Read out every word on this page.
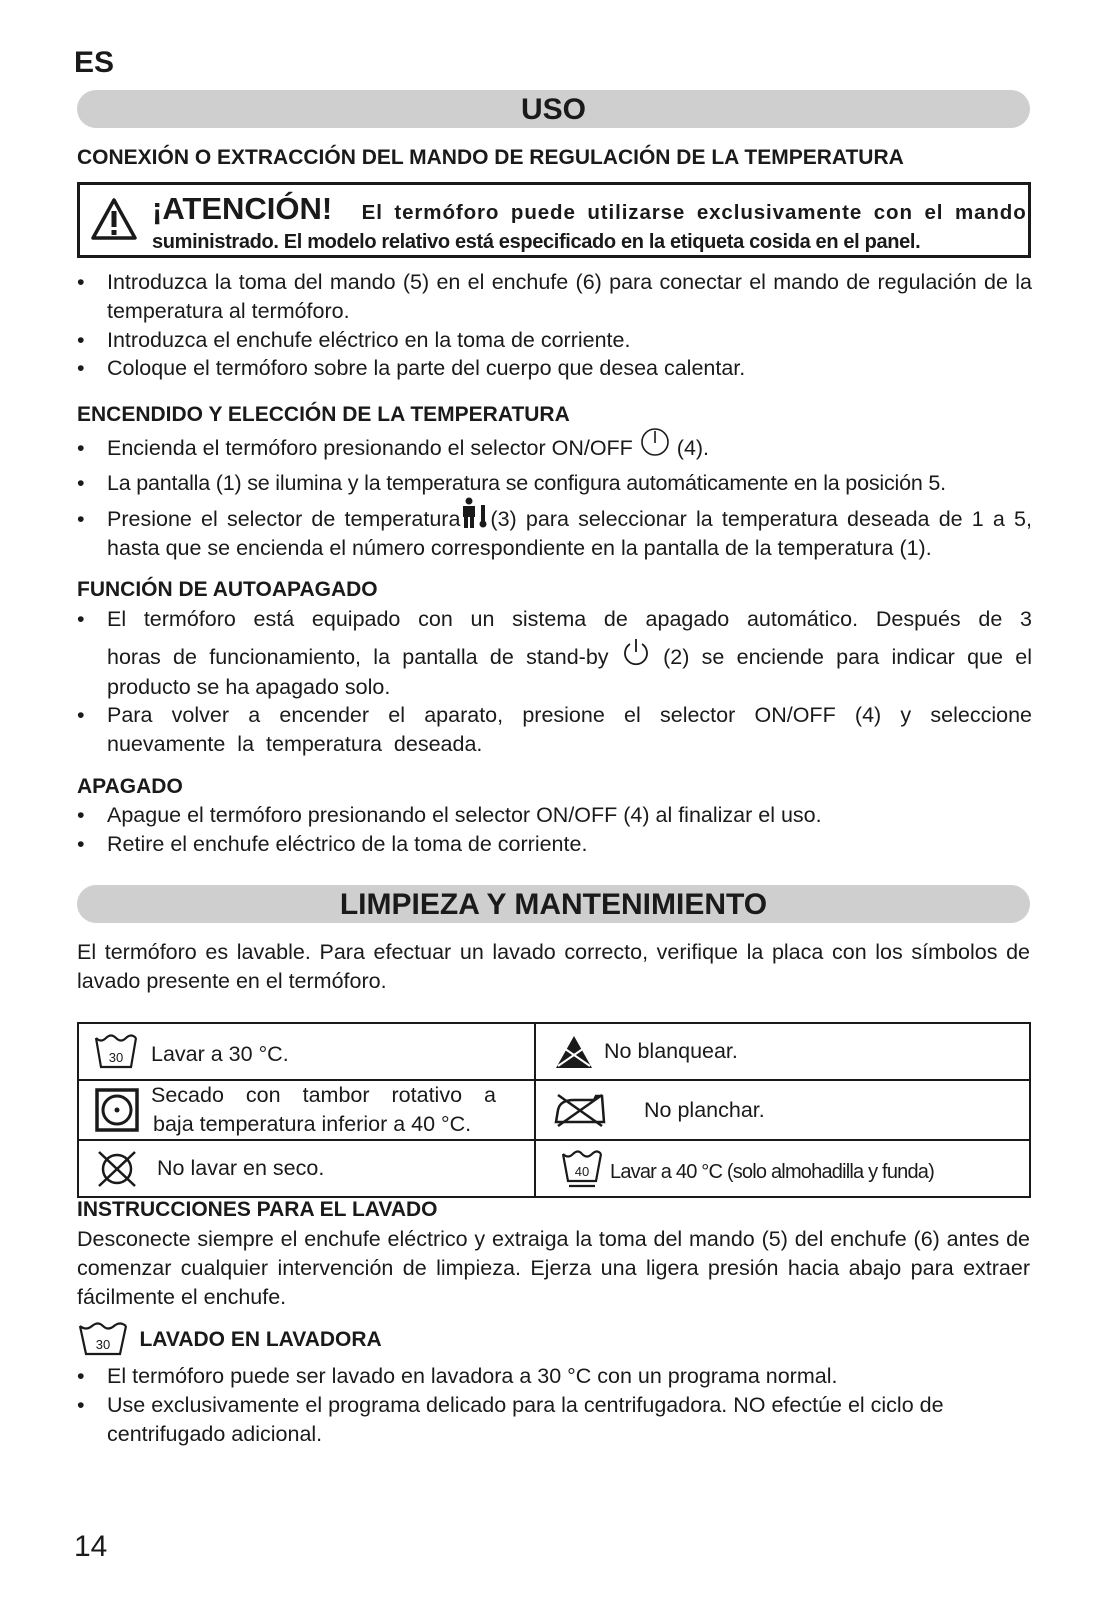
ES
USO
CONEXIÓN O EXTRACCIÓN DEL MANDO DE REGULACIÓN DE LA TEMPERATURA
¡ATENCIÓN! El termóforo puede utilizarse exclusivamente con el mando
suministrado. El modelo relativo está especificado en la etiqueta cosida en el panel.
• Introduzca la toma del mando (5) en el enchufe (6) para conectar el mando de regulación de la temperatura al termóforo.
• Introduzca el enchufe eléctrico en la toma de corriente.
• Coloque el termóforo sobre la parte del cuerpo que desea calentar.
ENCENDIDO Y ELECCIÓN DE LA TEMPERATURA
• Encienda el termóforo presionando el selector ON/OFF (4).
• La pantalla (1) se ilumina y la temperatura se configura automáticamente en la posición 5.
• Presione el selector de temperatura (3) para seleccionar la temperatura deseada de 1 a 5, hasta que se encienda el número correspondiente en la pantalla de la temperatura (1).
FUNCIÓN DE AUTOAPAGADO
• El termóforo está equipado con un sistema de apagado automático. Después de 3
horas de funcionamiento, la pantalla de stand-by	(2) se enciende para indicar que el
producto se ha apagado solo.
• Para volver a encender el aparato, presione el selector ON/OFF (4) y seleccione nuevamente la temperatura deseada.
APAGADO
• Apague el termóforo presionando el selector ON/OFF (4) al finalizar el uso.
• Retire el enchufe eléctrico de la toma de corriente.
LIMPIEZA Y MANTENIMIENTO
El termóforo es lavable. Para efectuar un lavado correcto, verifique la placa con los símbolos de lavado presente en el termóforo.
30 Lavar a 30 °C.	No blanquear.

Secado con tambor rotativo a
baja temperatura inferior a 40 °C.	No planchar.

No lavar en seco.	40 Lavar a 40 °C (solo almohadilla y funda)
INSTRUCCIONES PARA EL LAVADO
Desconecte siempre el enchufe eléctrico y extraiga la toma del mando (5) del enchufe (6) antes de comenzar cualquier intervención de limpieza. Ejerza una ligera presión hacia abajo para extraer fácilmente el enchufe.
30 LAVADO EN LAVADORA
• El termóforo puede ser lavado en lavadora a 30 °C con un programa normal.
• Use exclusivamente el programa delicado para la centrifugadora. NO efectúe el ciclo de centrifugado adicional.
14
